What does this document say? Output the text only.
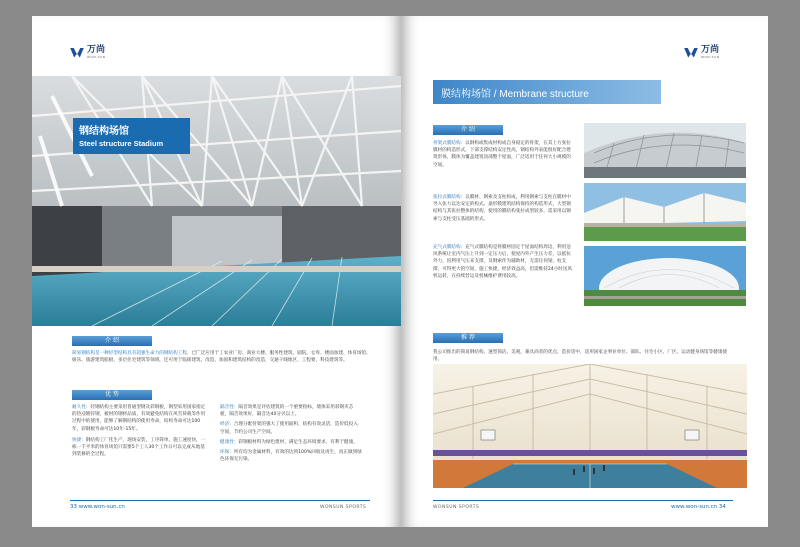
万尚
WON-SUN
钢结构场馆
Steel structure Stadium
介 绍
简易钢结构是一种轻型结构具有超强生命力的钢结构工程，已广泛应用于工农业厂房、商业大楼、服务性建筑、剧院、仓库、楼面加建、体育场馆、娱乐、旅游建筑船板、多层住宅建筑等领域，还可用于临街建筑，改造、加固和建筑结构的改造，交通干线地区，工程要，科技建筑等。
优 势
耐久性：轻钢结构主要采用普通型钢及彩钢板，钢型采用国家指定的热浸镀锌钢，板材的钢材品质，有效避免结构在风雪荷载等作用过程中的使用，能够了解钢结构的使用寿命，结构寿命可达100年，彩钢板寿命可达10年-15年。
快捷：钢结构工厂化生产，现场安装，工序简单，施工速度快，一栋一千平米的体育场馆只需要5个工人30个工作日可以完成从地基到装修的全过程。
隔音性：隔音效果是评估建筑的一个重要指标，墙体采用彩钢夹芯板，隔音效果好，隔音达40分贝以上。
经济：合理分配骨架的强大了使用面积，结构有效灵活，造价低投入空间，节约公司生产空间。
健康性：彩钢板材料为绿色建材，满足生态环境要求，有利于健康。
环保：所有均为金属材料，有效的达到100%回收及再生，真正做到绿色环保无污染。
33 www.won-sun.cn	WONSUN SPORTS
万尚
WON-SUN
膜结构场馆 / Membrane structure
介 绍
骨架式膜结构：以钢构或集成材构成自身稳定的骨架，在其上方张拉膜材的构造形式，下部支撑结构安定性高，钢结构外表能很好配合建筑形体，膜体为覆盖建筑顶部整个屋面，广泛适用于任何大小规模的空间。
张拉式膜结构：以膜材、钢索及支柱构成，利用钢索与支柱在膜材中导入张力以达安定的构式。桑形膜建筑结构保持的构造形式，大型钢结构与其张拉整体的结构，使用的膜结构张拉成型较多，需采用以钢索与支柱受压基础的形式。
充气式膜结构：充气式膜结构是将膜材固定于屋面结构周边，利用送风系统让室内气压上升到一定压力后，使屋内外产生压力差，以抵抗外力，因利用气压来支撑，及钢索作为辅助材，无需任何梁、柱支撑，可得更大的空间，施工快捷，经济效益高，但需维持24小时送风机运转，在持续营运及机械维护费用较高。
推 荐
我公司推出的简易钢结构，速型简洁、美观，兼具尚者的优点，造价适中，适用国家企事业单位、部队、住宅小区、厂区、运动健身场馆等健康使用。
WONSUN SPORTS	www.won-sun.cn 34
